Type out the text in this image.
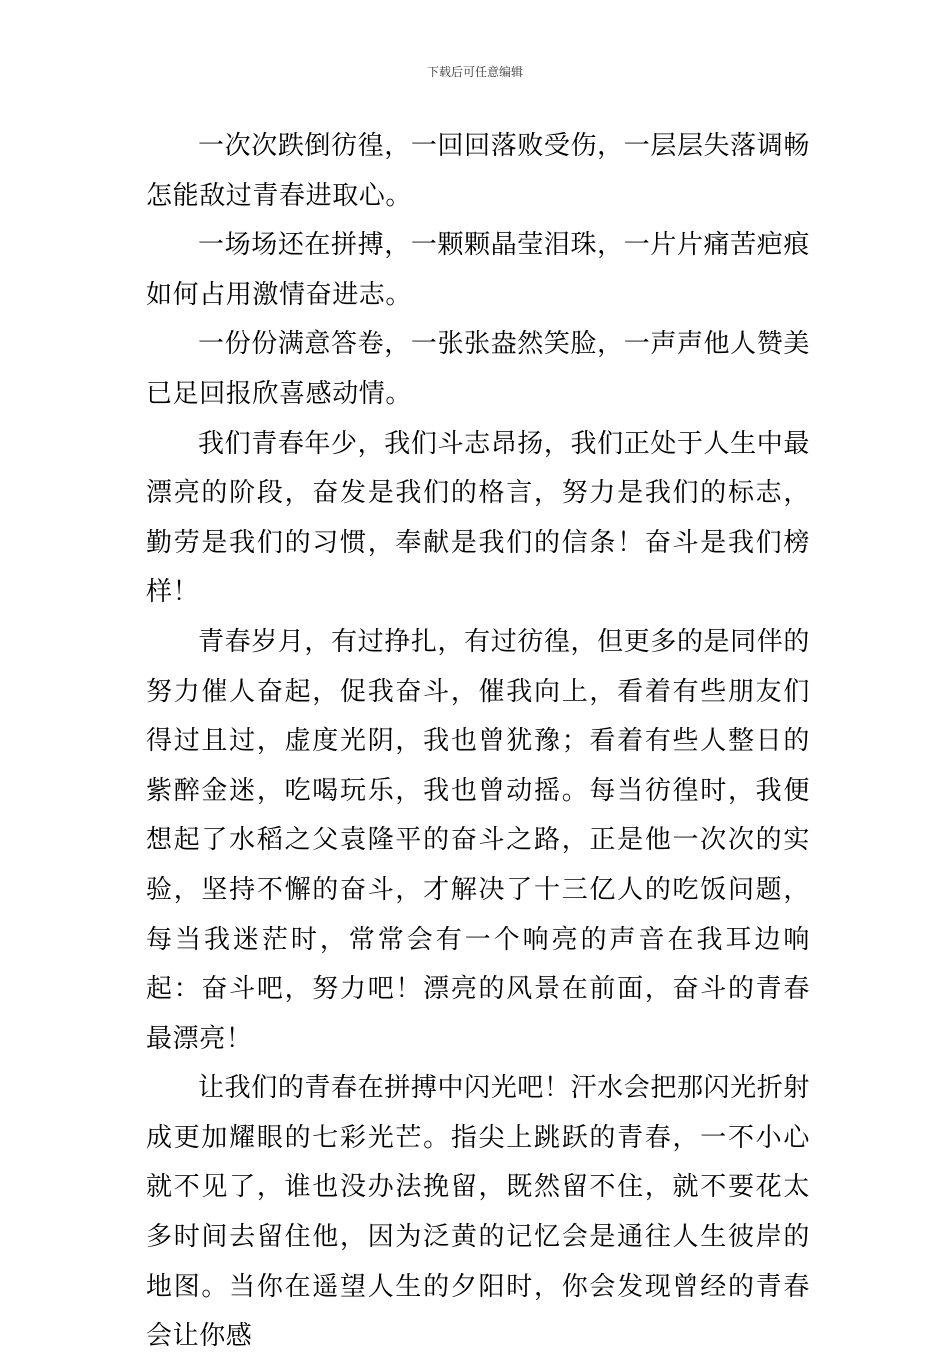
下载后可任意编辑

一次次跌倒彷徨，一回回落败受伤，一层层失落调畅怎能敌过青春进取心。

一场场还在拼搏，一颗颗晶莹泪珠，一片片痛苦疤痕如何占用激情奋进志。

一份份满意答卷，一张张盎然笑脸，一声声他人赞美已足回报欣喜感动情。

我们青春年少，我们斗志昂扬，我们正处于人生中最漂亮的阶段，奋发是我们的格言，努力是我们的标志，勤劳是我们的习惯，奉献是我们的信条！奋斗是我们榜样！

青春岁月，有过挣扎，有过彷徨，但更多的是同伴的努力催人奋起，促我奋斗，催我向上，看着有些朋友们得过且过，虚度光阴，我也曾犹豫；看着有些人整日的紫醉金迷，吃喝玩乐，我也曾动摇。每当彷徨时，我便想起了水稻之父袁隆平的奋斗之路，正是他一次次的实验，坚持不懈的奋斗，才解决了十三亿人的吃饭问题，每当我迷茫时，常常会有一个响亮的声音在我耳边响起：奋斗吧，努力吧！漂亮的风景在前面，奋斗的青春最漂亮！

让我们的青春在拼搏中闪光吧！汗水会把那闪光折射成更加耀眼的七彩光芒。指尖上跳跃的青春，一不小心就不见了，谁也没办法挽留，既然留不住，就不要花太多时间去留住他，因为泛黄的记忆会是通往人生彼岸的地图。当你在遥望人生的夕阳时，你会发现曾经的青春会让你感
